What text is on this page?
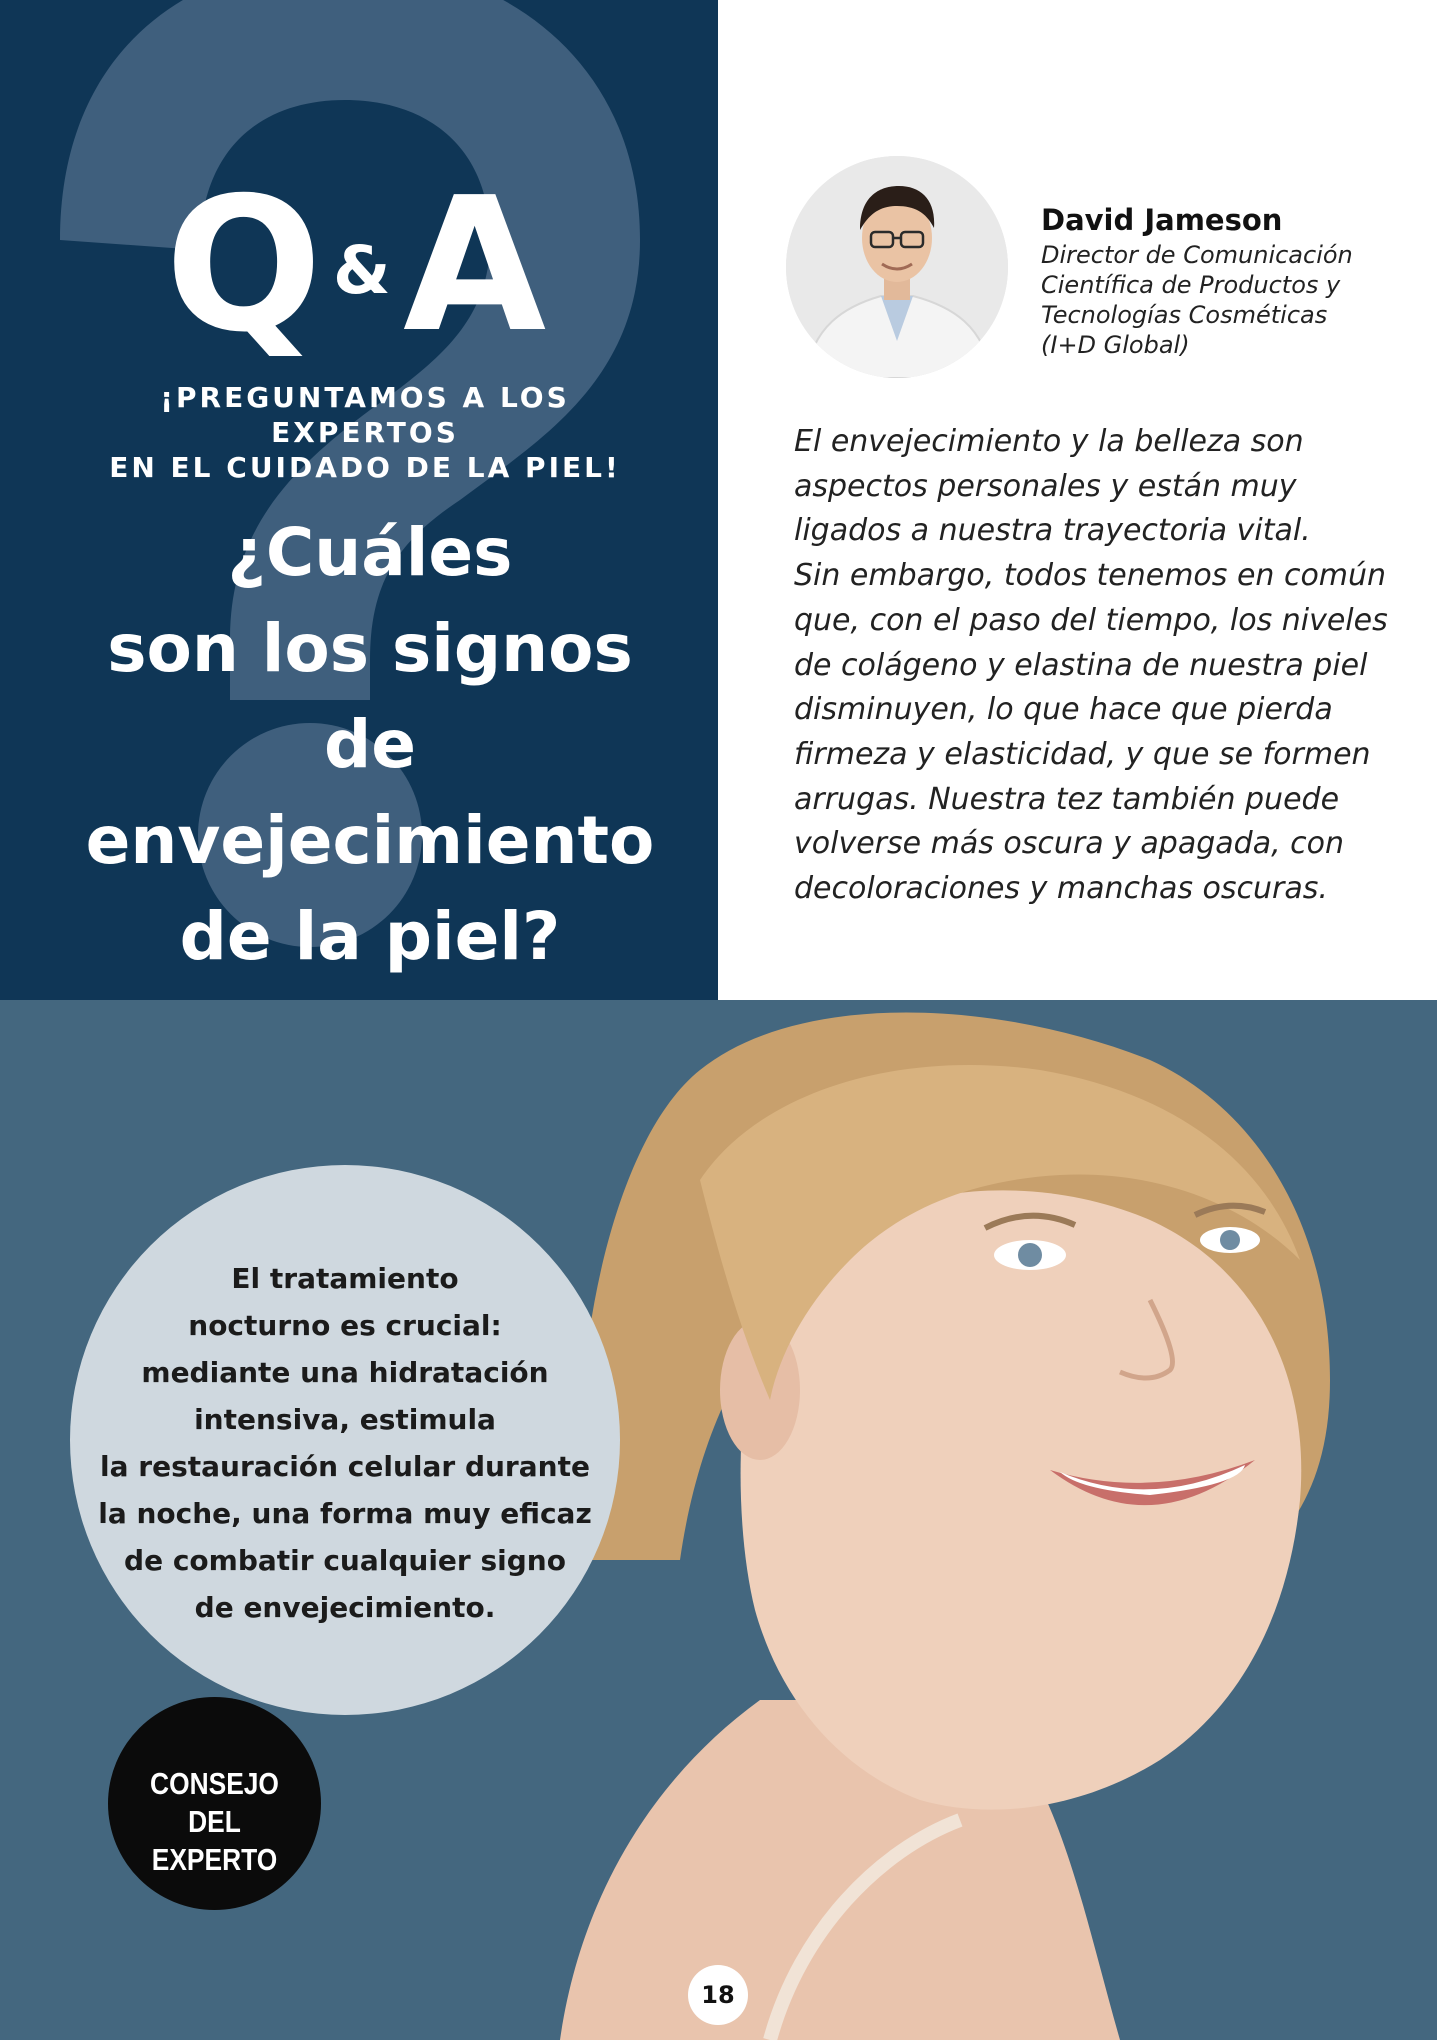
Q & A
¡PREGUNTAMOS A LOS EXPERTOS
EN EL CUIDADO DE LA PIEL!
¿Cuáles
son los signos
de envejecimiento
de la piel?
David Jameson
Director de Comunicación
Científica de Productos y
Tecnologías Cosméticas
(I+D Global)
El envejecimiento y la belleza son
aspectos personales y están muy
ligados a nuestra trayectoria vital.
Sin embargo, todos tenemos en común
que, con el paso del tiempo, los niveles
de colágeno y elastina de nuestra piel
disminuyen, lo que hace que pierda
firmeza y elasticidad, y que se formen
arrugas. Nuestra tez también puede
volverse más oscura y apagada, con
decoloraciones y manchas oscuras.
El tratamiento
nocturno es crucial:
mediante una hidratación
intensiva, estimula
la restauración celular durante
la noche, una forma muy eficaz
de combatir cualquier signo
de envejecimiento.
CONSEJO
DEL EXPERTO
18
